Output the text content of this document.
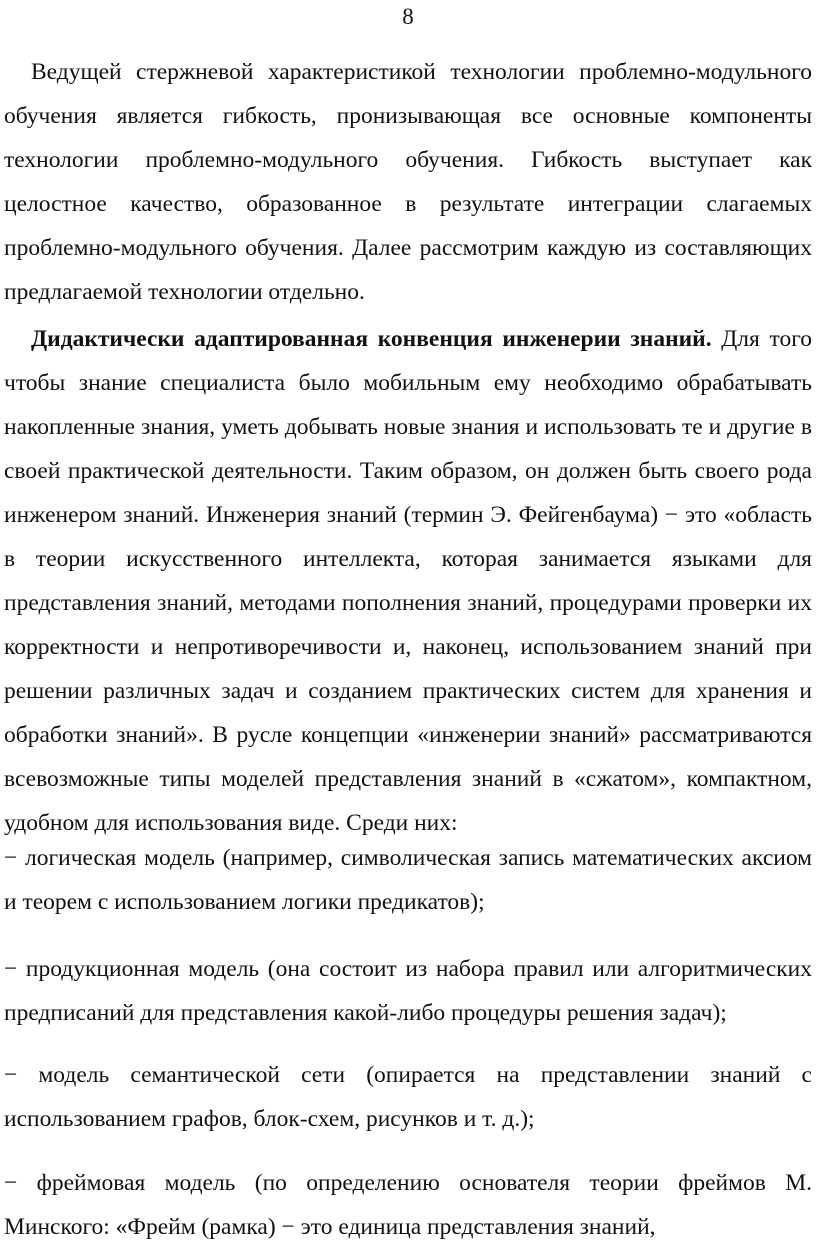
8

Ведущей стержневой характеристикой технологии проблемно-модульного обучения является гибкость, пронизывающая все основные компоненты технологии проблемно-модульного обучения. Гибкость выступает как целостное качество, образованное в результате интеграции слагаемых проблемно-модульного обучения. Далее рассмотрим каждую из составляющих предлагаемой технологии отдельно.

Дидактически адаптированная конвенция инженерии знаний. Для того чтобы знание специалиста было мобильным ему необходимо обрабатывать накопленные знания, уметь добывать новые знания и использовать те и другие в своей практической деятельности. Таким образом, он должен быть своего рода инженером знаний. Инженерия знаний (термин Э. Фейгенбаума) − это «область в теории искусственного интеллекта, которая занимается языками для представления знаний, методами пополнения знаний, процедурами проверки их корректности и непротиворечивости и, наконец, использованием знаний при решении различных задач и созданием практических систем для хранения и обработки знаний». В русле концепции «инженерии знаний» рассматриваются всевозможные типы моделей представления знаний в «сжатом», компактном, удобном для использования виде. Среди них:

− логическая модель (например, символическая запись математических аксиом и теорем с использованием логики предикатов);

− продукционная модель (она состоит из набора правил или алгоритмических предписаний для представления какой-либо процедуры решения задач);

− модель семантической сети (опирается на представлении знаний с использованием графов, блок-схем, рисунков и т. д.);

− фреймовая модель (по определению основателя теории фреймов М. Минского: «Фрейм (рамка) − это единица представления знаний,
